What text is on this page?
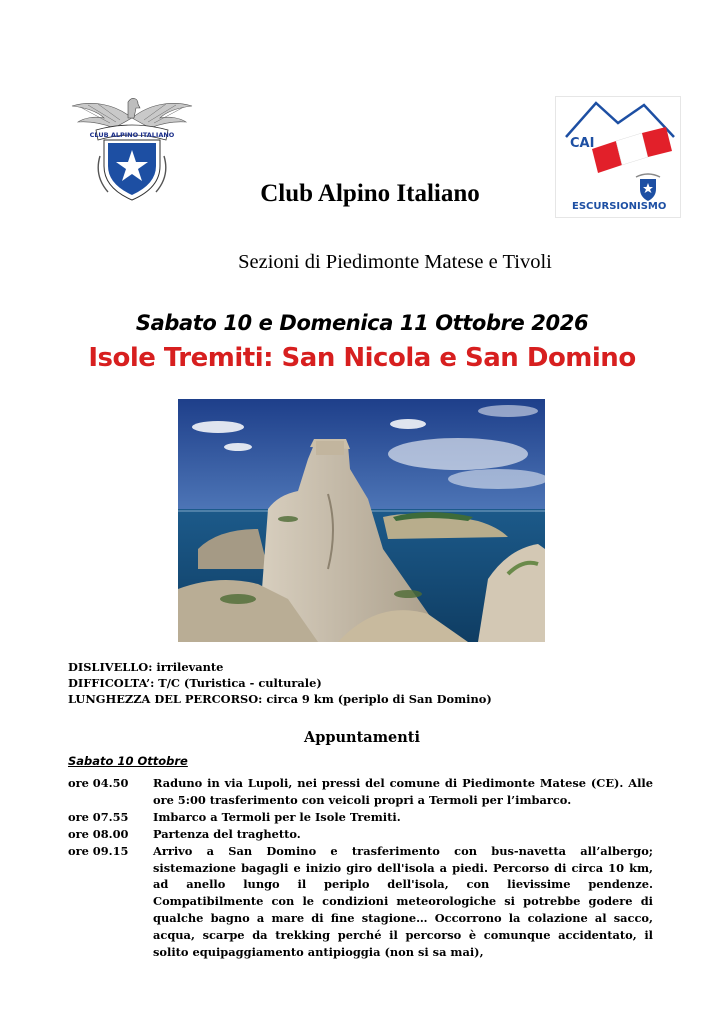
CLUB ALPINO ITALIANO
CAI
ESCURSIONISMO
Club Alpino Italiano
Sezioni di Piedimonte Matese e Tivoli
Sabato 10 e Domenica 11 Ottobre 2026
Isole Tremiti: San Nicola e San Domino
DISLIVELLO: irrilevante
DIFFICOLTA’: T/C (Turistica - culturale)
LUNGHEZZA DEL PERCORSO: circa 9 km (periplo di San Domino)
Appuntamenti
Sabato 10 Ottobre
ore 04.50	Raduno in via Lupoli, nei pressi del comune di Piedimonte Matese (CE). Alle ore 5:00 trasferimento con veicoli propri a Termoli per l’imbarco.
ore 07.55	Imbarco a Termoli per le Isole Tremiti.
ore 08.00	Partenza del traghetto.
ore 09.15	Arrivo a San Domino e trasferimento con bus-navetta all’albergo; sistemazione bagagli e inizio giro dell'isola a piedi. Percorso di circa 10 km, ad anello lungo il periplo dell'isola, con lievissime pendenze. Compatibilmente con le condizioni meteorologiche si potrebbe godere di qualche bagno a mare di fine stagione… Occorrono la colazione al sacco, acqua, scarpe da trekking perché il percorso è comunque accidentato, il solito equipaggiamento antipioggia (non si sa mai),
